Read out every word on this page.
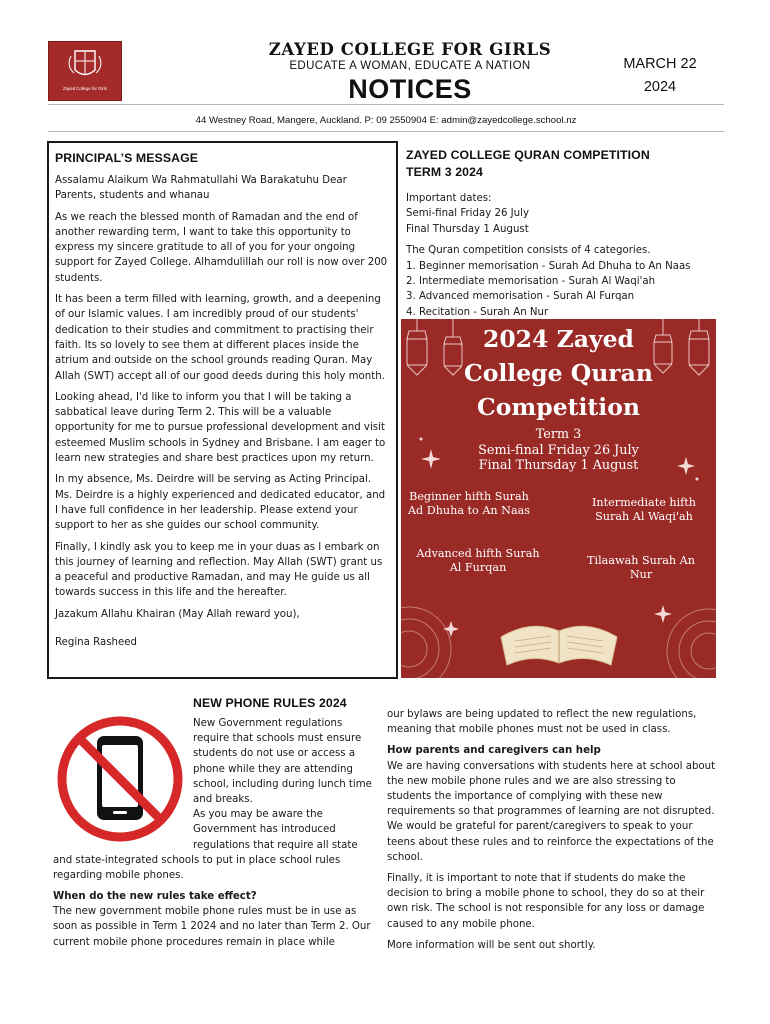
Zayed College for Girls
ZAYED COLLEGE FOR GIRLS
EDUCATE A WOMAN, EDUCATE A NATION
NOTICES
MARCH 22
2024
44 Westney Road, Mangere, Auckland. P: 09 2550904 E: admin@zayedcollege.school.nz
PRINCIPAL’S MESSAGE

Assalamu Alaikum Wa Rahmatullahi Wa Barakatuhu Dear Parents, students and whanau

As we reach the blessed month of Ramadan and the end of another rewarding term, I want to take this opportunity to express my sincere gratitude to all of you for your ongoing support for Zayed College. Alhamdulillah our roll is now over 200 students.

It has been a term filled with learning, growth, and a deepening of our Islamic values. I am incredibly proud of our students' dedication to their studies and commitment to practising their faith. Its so lovely to see them at different places inside the atrium and outside on the school grounds reading Quran. May Allah (SWT) accept all of our good deeds during this holy month.

Looking ahead, I'd like to inform you that I will be taking a sabbatical leave during Term 2. This will be a valuable opportunity for me to pursue professional development and visit esteemed Muslim schools in Sydney and Brisbane. I am eager to learn new strategies and share best practices upon my return.

In my absence, Ms. Deirdre will be serving as Acting Principal. Ms. Deirdre is a highly experienced and dedicated educator, and I have full confidence in her leadership. Please extend your support to her as she guides our school community.

Finally, I kindly ask you to keep me in your duas as I embark on this journey of learning and reflection. May Allah (SWT) grant us a peaceful and productive Ramadan, and may He guide us all towards success in this life and the hereafter.

Jazakum Allahu Khairan (May Allah reward you),

Regina Rasheed

ZAYED COLLEGE QURAN COMPETITION TERM 3 2024

Important dates:
Semi-final Friday 26 July
Final Thursday 1 August

The Quran competition consists of 4 categories.
1. Beginner memorisation - Surah Ad Dhuha to An Naas
2. Intermediate memorisation - Surah Al Waqi'ah
3. Advanced memorisation - Surah Al Furqan
4. Recitation - Surah An Nur

2024 Zayed College Quran Competition
Term 3
Semi-final Friday 26 July
Final Thursday 1 August
Beginner hifth Surah Ad Dhuha to An Naas
Intermediate hifth Surah Al Waqi'ah
Advanced hifth Surah Al Furqan
Tilaawah Surah An Nur
NEW PHONE RULES 2024
New Government regulations
require that schools must ensure
students do not use or access a
phone while they are attending
school, including during lunch time
and breaks.
As you may be aware the
Government has introduced
regulations that require all state
and state-integrated schools to put in place school rules regarding mobile phones.
When do the new rules take effect?
The new government mobile phone rules must be in use as soon as possible in Term 1 2024 and no later than Term 2. Our current mobile phone procedures remain in place while

our bylaws are being updated to reflect the new regulations, meaning that mobile phones must not be used in class.

How parents and caregivers can help

We are having conversations with students here at school about the new mobile phone rules and we are also stressing to students the importance of complying with these new requirements so that programmes of learning are not disrupted. We would be grateful for parent/caregivers to speak to your teens about these rules and to reinforce the expectations of the school.

Finally, it is important to note that if students do make the decision to bring a mobile phone to school, they do so at their own risk. The school is not responsible for any loss or damage caused to any mobile phone.

More information will be sent out shortly.
